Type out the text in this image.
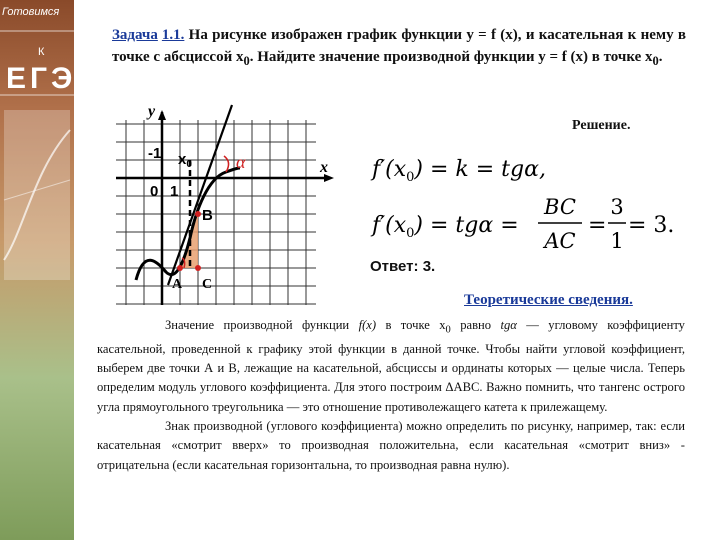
Готовимся
К
ЕГЭ
Задача 1.1. На рисунке изображен график функции y = f (x), и касательная к нему в точке с абсциссой $x_0$. Найдите значение производной функции y = f (x) в точке $x_0$.
y
x
-1
0 1
$x_0$ α
B
A C
Решение.
$f'(x_0) = k = tg\alpha$,
$f'(x_0) = tg\alpha$ =
BC
AC
=
3
1
= 3.
Ответ: 3.
Теоретические сведения.

Значение производной функции f(x) в точке $x_0$ равно tgα — угловому коэффициенту касательной, проведенной к графику этой функции в данной точке. Чтобы найти угловой коэффициент, выберем две точки А и В, лежащие на касательной, абсциссы и ординаты которых — целые числа. Теперь определим модуль углового коэффициента. Для этого построим ΔABC. Важно помнить, что тангенс острого угла прямоугольного треугольника — это отношение противолежащего катета к прилежащему.

Знак производной (углового коэффициента) можно определить по рисунку, например, так: если касательная «смотрит вверх» то производная положительна, если касательная «смотрит вниз» - отрицательна (если касательная горизонтальна, то производная равна нулю).
